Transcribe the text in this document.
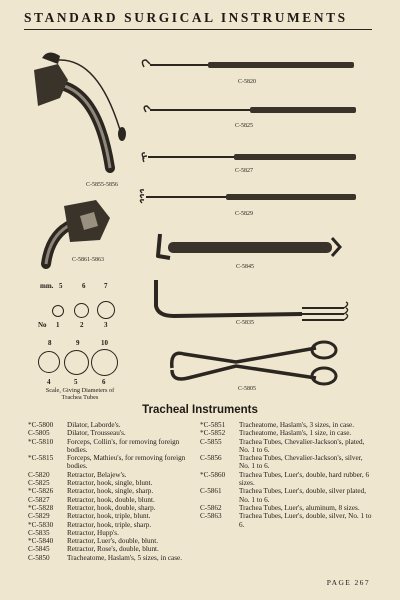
STANDARD SURGICAL INSTRUMENTS
C-5855-5856
C-5861-5863
C-5820
C-5825
C-5827
C-5829
C-5845
C-5835
C-5805
mm. 5	6	7
No 1	2	3
8	9	10
4	5	6
Scale, Giving Diameters of
Trachea Tubes
Tracheal Instruments
*C-5800	Dilator, Laborde's.
C-5805	Dilator, Trousseau's.
*C-5810	Forceps, Collin's, for removing foreign bodies.
*C-5815	Forceps, Mathieu's, for removing foreign bodies.
C-5820	Retractor, Belajew's.
C-5825	Retractor, hook, single, blunt.
*C-5826	Retractor, hook, single, sharp.
C-5827	Retractor, hook, double, blunt.
*C-5828	Retractor, hook, double, sharp.
C-5829	Retractor, hook, triple, blunt.
*C-5830	Retractor, hook, triple, sharp.
C-5835	Retractor, Hupp's.
*C-5840	Retractor, Luer's, double, blunt.
C-5845	Retractor, Rose's, double, blunt.
C-5850	Tracheatome, Haslam's, 5 sizes, in case.
*C-5851	Tracheatome, Haslam's, 3 sizes, in case.
*C-5852	Tracheatome, Haslam's, 1 size, in case.
C-5855	Trachea Tubes, Chevalier-Jackson's, plated, No. 1 to 6.
C-5856	Trachea Tubes, Chevalier-Jackson's, silver, No. 1 to 6.
*C-5860	Trachea Tubes, Luer's, double, hard rubber, 6 sizes.
C-5861	Trachea Tubes, Luer's, double, silver plated, No. 1 to 6.
C-5862	Trachea Tubes, Luer's, aluminum, 8 sizes.
C-5863	Trachea Tubes, Luer's, double, silver, No. 1 to 6.
PAGE 267
